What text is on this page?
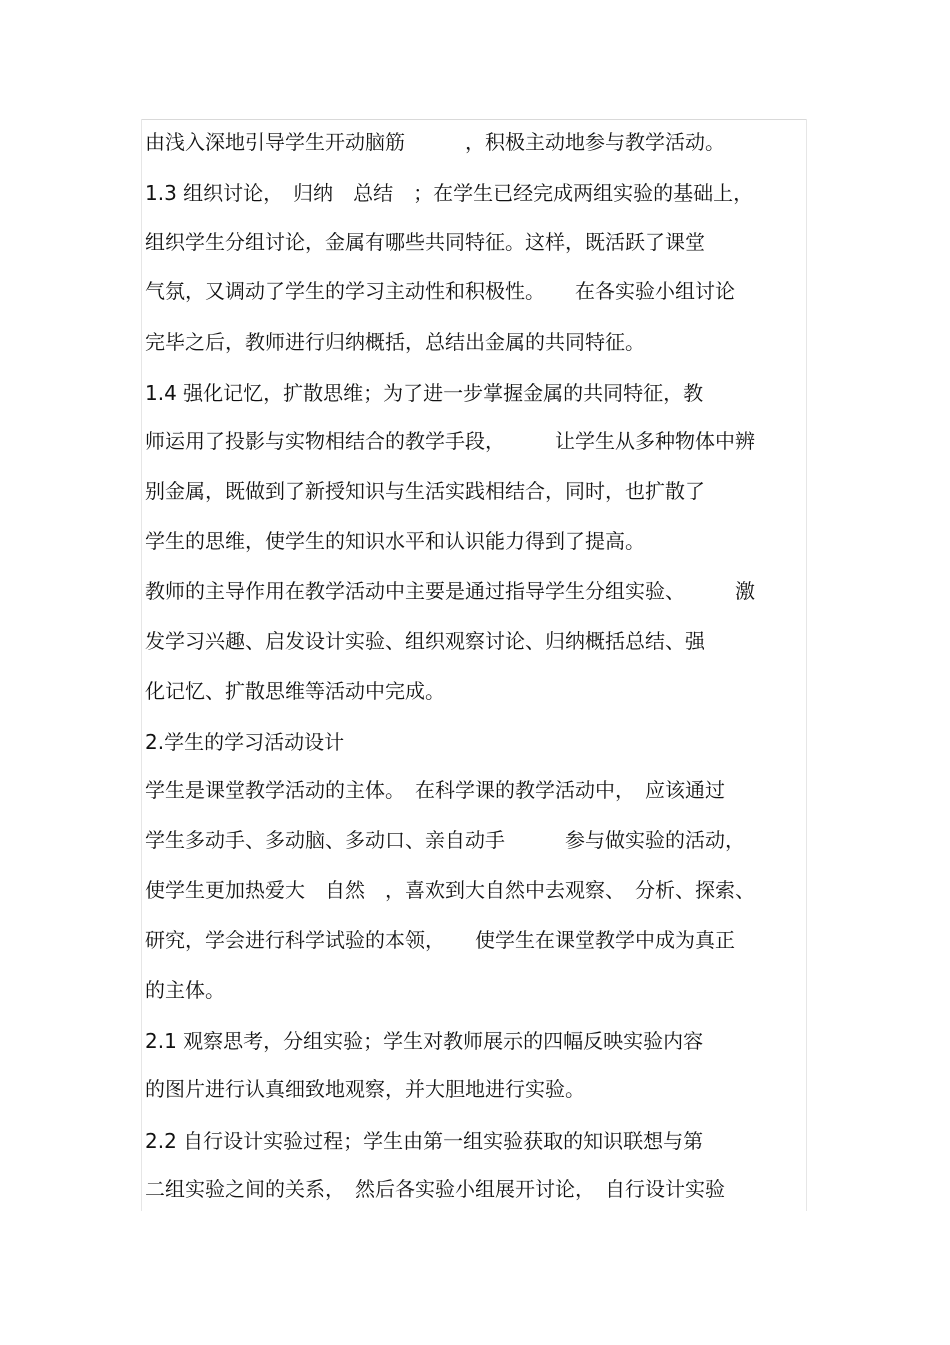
由浅入深地引导学生开动脑筋　　　，积极主动地参与教学活动。
1.3 组织讨论，　归纳　总结　；在学生已经完成两组实验的基础上，
组织学生分组讨论，金属有哪些共同特征。这样，既活跃了课堂
气氛，又调动了学生的学习主动性和积极性。　　在各实验小组讨论
完毕之后，教师进行归纳概括，总结出金属的共同特征。
1.4 强化记忆，扩散思维；为了进一步掌握金属的共同特征，教
师运用了投影与实物相结合的教学手段，　　　让学生从多种物体中辨
别金属，既做到了新授知识与生活实践相结合，同时，也扩散了
学生的思维，使学生的知识水平和认识能力得到了提高。
教师的主导作用在教学活动中主要是通过指导学生分组实验、　　　激
发学习兴趣、启发设计实验、组织观察讨论、归纳概括总结、强
化记忆、扩散思维等活动中完成。
2.学生的学习活动设计
学生是课堂教学活动的主体。　在科学课的教学活动中，　应该通过
学生多动手、多动脑、多动口、亲自动手　　　参与做实验的活动，
使学生更加热爱大　自然　，喜欢到大自然中去观察、　分析、探索、
研究，学会进行科学试验的本领，　　使学生在课堂教学中成为真正
的主体。
2.1 观察思考，分组实验；学生对教师展示的四幅反映实验内容
的图片进行认真细致地观察，并大胆地进行实验。
2.2 自行设计实验过程；学生由第一组实验获取的知识联想与第
二组实验之间的关系，　然后各实验小组展开讨论，　自行设计实验
